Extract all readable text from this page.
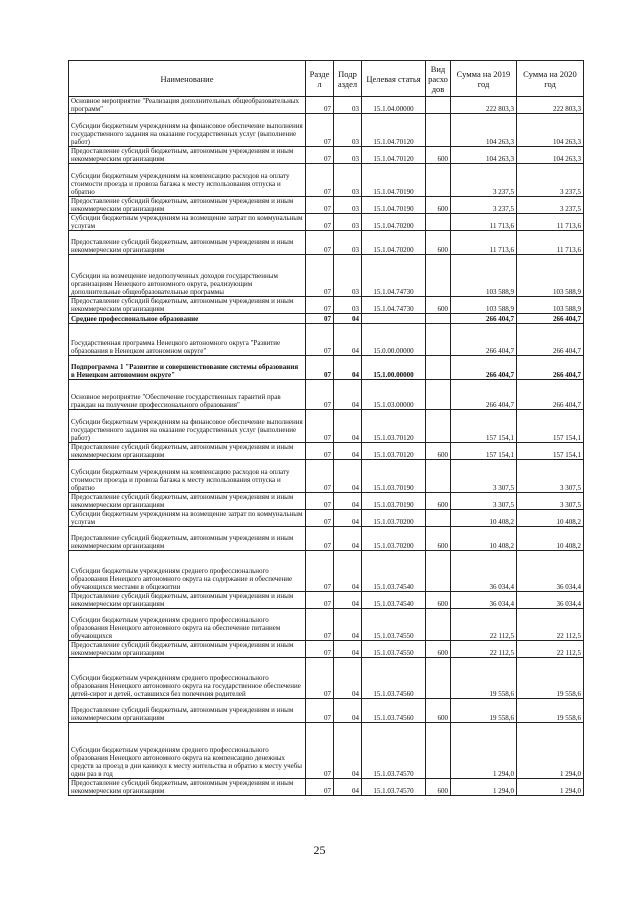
Наименование	Разде л	Подр аздел	Целевая статья	Вид расхо дов	Сумма на 2019 год	Сумма на 2020 год
Основное мероприятие "Реализация дополнительных общеобразовательных программ"	07	03	15.1.04.00000		222 803,3	222 803,3
Субсидии бюджетным учреждениям на финансовое обеспечение выполнения государственного задания на оказание государственных услуг (выполнение работ)	07	03	15.1.04.70120		104 263,3	104 263,3
Предоставление субсидий бюджетным, автономным учреждениям и иным некоммерческим организациям	07	03	15.1.04.70120	600	104 263,3	104 263,3
Субсидии бюджетным учреждениям на компенсацию расходов на оплату стоимости проезда и провоза багажа к месту использования отпуска и обратно	07	03	15.1.04.70190		3 237,5	3 237,5
Предоставление субсидий бюджетным, автономным учреждениям и иным некоммерческим организациям	07	03	15.1.04.70190	600	3 237,5	3 237,5
Субсидии бюджетным учреждениям на возмещение затрат по коммунальным услугам	07	03	15.1.04.70200		11 713,6	11 713,6
Предоставление субсидий бюджетным, автономным учреждениям и иным некоммерческим организациям	07	03	15.1.04.70200	600	11 713,6	11 713,6
Субсидии на возмещение недополученных доходов государственным организациям Ненецкого автономного округа, реализующим дополнительные общеобразовательные программы	07	03	15.1.04.74730		103 588,9	103 588,9
Предоставление субсидий бюджетным, автономным учреждениям и иным некоммерческим организациям	07	03	15.1.04.74730	600	103 588,9	103 588,9
Среднее профессиональное образование	07	04			266 404,7	266 404,7
Государственная программа Ненецкого автономного округа "Развитие образования в Ненецком автономном округе"	07	04	15.0.00.00000		266 404,7	266 404,7
Подпрограмма 1 "Развитие и совершенствование системы образования в Ненецком автономном округе"	07	04	15.1.00.00000		266 404,7	266 404,7
Основное мероприятие "Обеспечение государственных гарантий прав граждан на получение профессионального образования"	07	04	15.1.03.00000		266 404,7	266 404,7
Субсидии бюджетным учреждениям на финансовое обеспечение выполнения государственного задания на оказание государственных услуг (выполнение работ)	07	04	15.1.03.70120		157 154,1	157 154,1
Предоставление субсидий бюджетным, автономным учреждениям и иным некоммерческим организациям	07	04	15.1.03.70120	600	157 154,1	157 154,1
Субсидии бюджетным учреждениям на компенсацию расходов на оплату стоимости проезда и провоза багажа к месту использования отпуска и обратно	07	04	15.1.03.70190		3 307,5	3 307,5
Предоставление субсидий бюджетным, автономным учреждениям и иным некоммерческим организациям	07	04	15.1.03.70190	600	3 307,5	3 307,5
Субсидии бюджетным учреждениям на возмещение затрат по коммунальным услугам	07	04	15.1.03.70200		10 408,2	10 408,2
Предоставление субсидий бюджетным, автономным учреждениям и иным некоммерческим организациям	07	04	15.1.03.70200	600	10 408,2	10 408,2
Субсидии бюджетным учреждениям среднего профессионального образования Ненецкого автономного округа на содержание и обеспечение обучающихся местами в общежитии	07	04	15.1.03.74540		36 034,4	36 034,4
Предоставление субсидий бюджетным, автономным учреждениям и иным некоммерческим организациям	07	04	15.1.03.74540	600	36 034,4	36 034,4
Субсидии бюджетным учреждениям среднего профессионального образования Ненецкого автономного округа на обеспечение питанием обучающихся	07	04	15.1.03.74550		22 112,5	22 112,5
Предоставление субсидий бюджетным, автономным учреждениям и иным некоммерческим организациям	07	04	15.1.03.74550	600	22 112,5	22 112,5
Субсидии бюджетным учреждениям среднего профессионального образования Ненецкого автономного округа на государственное обеспечение детей-сирот и детей, оставшихся без попечения родителей	07	04	15.1.03.74560		19 558,6	19 558,6
Предоставление субсидий бюджетным, автономным учреждениям и иным некоммерческим организациям	07	04	15.1.03.74560	600	19 558,6	19 558,6
Субсидии бюджетным учреждениям среднего профессионального образования Ненецкого автономного округа на компенсацию денежных средств за проезд в дни каникул к месту жительства и обратно к месту учебы один раз в год	07	04	15.1.03.74570		1 294,0	1 294,0
Предоставление субсидий бюджетным, автономным учреждениям и иным некоммерческим организациям	07	04	15.1.03.74570	600	1 294,0	1 294,0
25
